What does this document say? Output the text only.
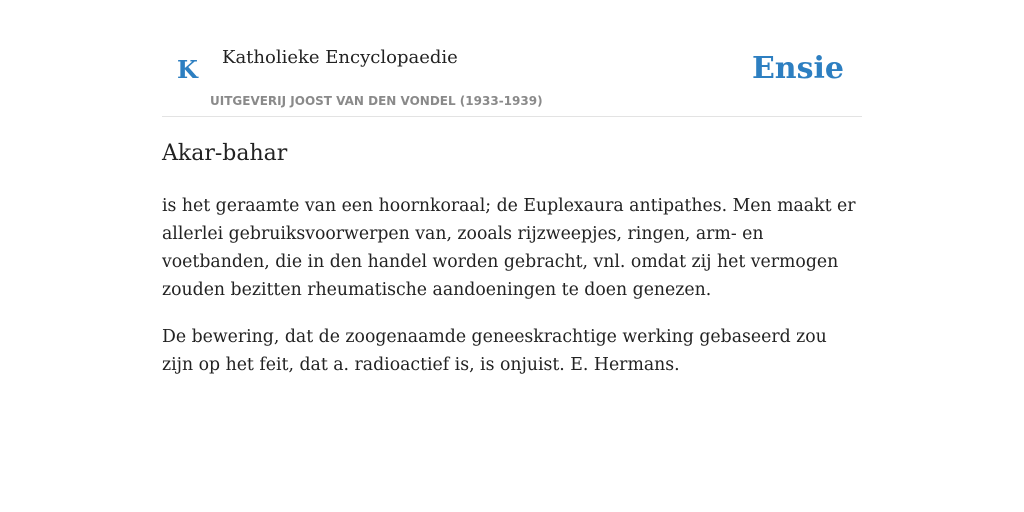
K Katholieke Encyclopaedie
UITGEVERIJ JOOST VAN DEN VONDEL (1933-1939)
Ensie
Akar-bahar

is het geraamte van een hoornkoraal; de Euplexaura antipathes. Men maakt er allerlei gebruiksvoorwerpen van, zooals rijzweepjes, ringen, arm- en voetbanden, die in den handel worden gebracht, vnl. omdat zij het vermogen zouden bezitten rheumatische aandoeningen te doen genezen.

De bewering, dat de zoogenaamde geneeskrachtige werking gebaseerd zou zijn op het feit, dat a. radioactief is, is onjuist. E. Hermans.
